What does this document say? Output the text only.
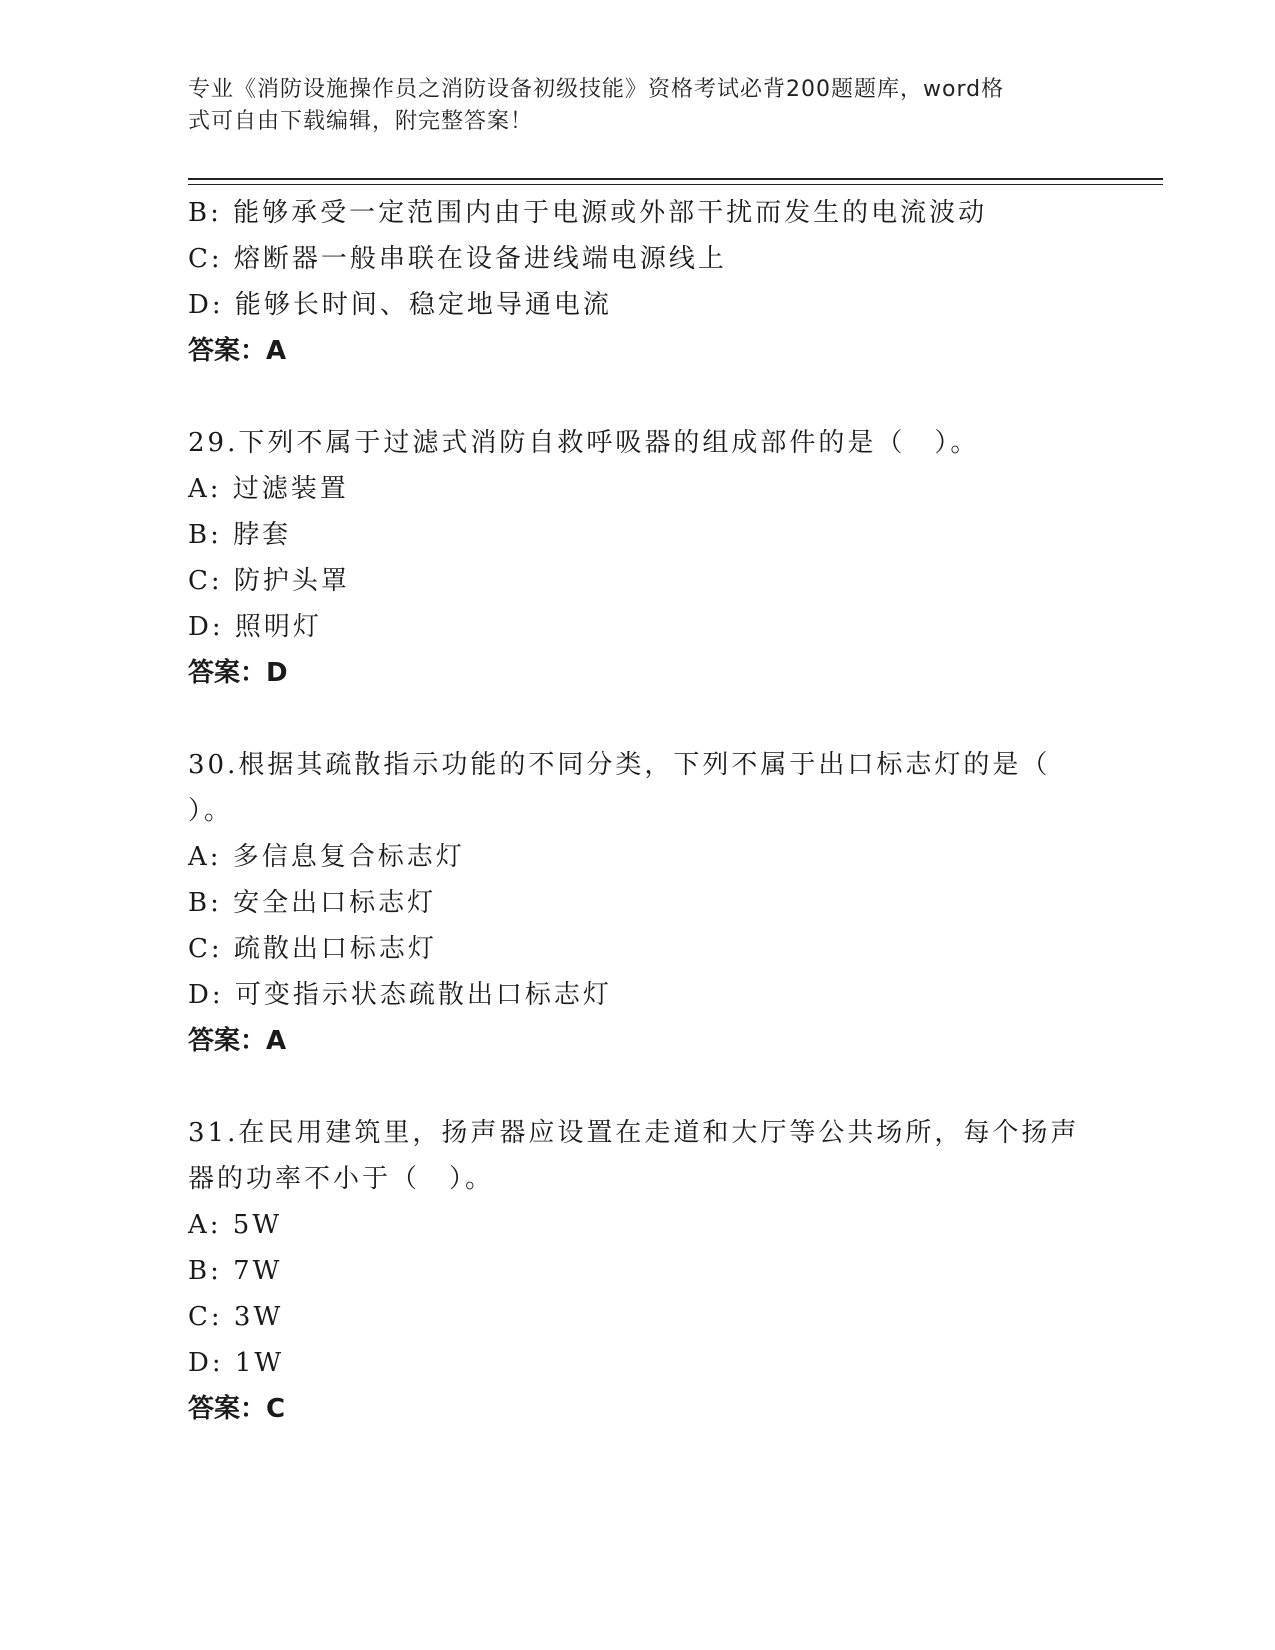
专业《消防设施操作员之消防设备初级技能》资格考试必背200题题库，word格

式可自由下载编辑，附完整答案！

B: 能够承受一定范围内由于电源或外部干扰而发生的电流波动
C: 熔断器一般串联在设备进线端电源线上
D: 能够长时间、稳定地导通电流
答案：A
29.下列不属于过滤式消防自救呼吸器的组成部件的是（　）。
A: 过滤装置
B: 脖套
C: 防护头罩
D: 照明灯
答案：D
30.根据其疏散指示功能的不同分类，下列不属于出口标志灯的是（
）。
A: 多信息复合标志灯
B: 安全出口标志灯
C: 疏散出口标志灯
D: 可变指示状态疏散出口标志灯
答案：A
31.在民用建筑里，扬声器应设置在走道和大厅等公共场所，每个扬声
器的功率不小于（　）。
A: 5W
B: 7W
C: 3W
D: 1W
答案：C
